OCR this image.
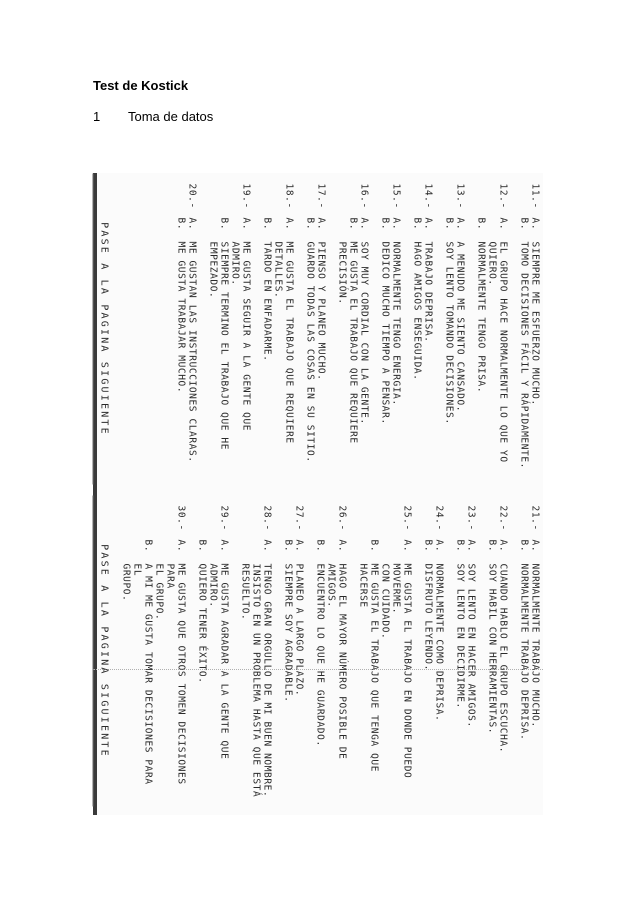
Test de Kostick
1 Toma de datos
11.-
A.
SIEMPRE ME ESFUERZO MUCHO.
B.
TOMO DECISIONES FÁCIL Y RÁPIDAMENTE.
12.-
A.
EL GRUPO HACE NORMALMENTE LO QUE YO QUIERO.
B.
NORMALMENTE TENGO PRISA.
13.-
A.
A MENUDO ME SIENTO CANSADO.
B.
SOY LENTO TOMANDO DECISIONES.
14.-
A.
TRABAJO DEPRISA.
B.
HAGO AMIGOS ENSEGUIDA.
15.-
A.
NORMALMENTE TENGO ENERGIA.
B.
DEDICO MUCHO TIEMPO A PENSAR.
16.-
A.
SOY MUY CORDIAL CON LA GENTE.
B.
ME GUSTA EL TRABAJO QUE REQUIERE PRECISIÓN.
17.-
A.
PIENSO Y PLANEO MUCHO.
B.
GUARDO TODAS LAS COSAS EN SU SITIO.
18.-
A.
ME GUSTA EL TRABAJO QUE REQUIERE DETALLES.
B.
TARDO EN ENFADARME.
19.-
A.
ME GUSTA SEGUIR A LA GENTE QUE ADMIRO.
B.
SIEMPRE TERMINO EL TRABAJO QUE HE EMPEZADO.
20.-
A.
ME GUSTAN LAS INSTRUCCIONES CLARAS.
B.
ME GUSTA TRABAJAR MUCHO.
PASE A LA PAGINA SIGUIENTE
21.-
A.
NORMALMENTE TRABAJO MUCHO.
B.
NORMALMENTE TRABAJO DEPRISA.
22.-
A.
CUANDO HABLO EL GRUPO ESCUCHA.
B.
SOY HABIL CON HERRAMIENTAS.
23.-
A.
SOY LENTO EN HACER AMIGOS.
B.
SOY LENTO EN DECIDIRME.
24.-
A.
NORMALMENTE COMO DEPRISA.
B.
DISFRUTO LEYENDO.
25.-
A.
ME GUSTA EL TRABAJO EN DONDE PUEDO MOVERME.
CON CUIDADO.
B.
ME GUSTA EL TRABAJO QUE TENGA QUE HACERSE
26.-
A.
HAGO EL MAYOR NÚMERO POSIBLE DE AMIGOS.
B.
ENCUENTRO LO QUE HE GUARDADO.
27.-
A.
PLANEO A LARGO PLAZO.
B.
SIEMPRE SOY AGRADABLE.
28.-
A.
TENGO GRAN ORGULLO DE MI BUEN NOMBRE.
INSISTO EN UN PROBLEMA HASTA QUE ESTÁ
RESUELTO.
29.-
A.
ME GUSTA AGRADAR A LA GENTE QUE ADMIRO.
B.
QUIERO TENER ÉXITO.
30.-
A.
ME GUSTA QUE OTROS TOMEN DECISIONES PARA
EL GRUPO.
B.
A MI ME GUSTA TOMAR DECISIONES PARA EL
GRUPO.
PASE A LA PAGINA SIGUIENTE
